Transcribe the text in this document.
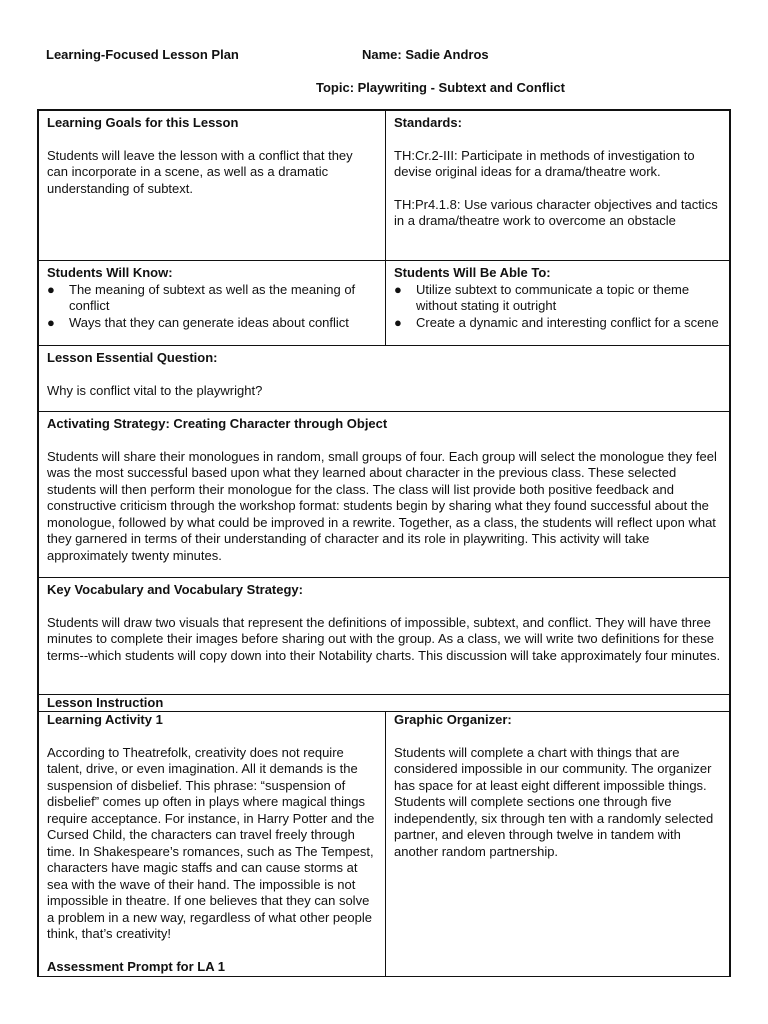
Learning-Focused Lesson Plan	Name: Sadie Andros
Topic: Playwriting - Subtext and Conflict
Learning Goals for this Lesson

Students will leave the lesson with a conflict that they can incorporate in a scene, as well as a dramatic understanding of subtext.

Standards:

TH:Cr.2-III: Participate in methods of investigation to devise original ideas for a drama/theatre work.

TH:Pr4.1.8: Use various character objectives and tactics in a drama/theatre work to overcome an obstacle

Students Will Know:
● The meaning of subtext as well as the meaning of conflict
● Ways that they can generate ideas about conflict
Students Will Be Able To:
● Utilize subtext to communicate a topic or theme without stating it outright
● Create a dynamic and interesting conflict for a scene
Lesson Essential Question:

Why is conflict vital to the playwright?

Activating Strategy: Creating Character through Object

Students will share their monologues in random, small groups of four. Each group will select the monologue they feel was the most successful based upon what they learned about character in the previous class. These selected students will then perform their monologue for the class. The class will list provide both positive feedback and constructive criticism through the workshop format: students begin by sharing what they found successful about the monologue, followed by what could be improved in a rewrite. Together, as a class, the students will reflect upon what they garnered in terms of their understanding of character and its role in playwriting. This activity will take approximately twenty minutes.

Key Vocabulary and Vocabulary Strategy:

Students will draw two visuals that represent the definitions of impossible, subtext, and conflict. They will have three minutes to complete their images before sharing out with the group. As a class, we will write two definitions for these terms--which students will copy down into their Notability charts. This discussion will take approximately four minutes.

Lesson Instruction
Learning Activity 1

According to Theatrefolk, creativity does not require talent, drive, or even imagination. All it demands is the suspension of disbelief. This phrase: “suspension of disbelief” comes up often in plays where magical things require acceptance. For instance, in Harry Potter and the Cursed Child, the characters can travel freely through time. In Shakespeare’s romances, such as The Tempest, characters have magic staffs and can cause storms at sea with the wave of their hand. The impossible is not impossible in theatre. If one believes that they can solve a problem in a new way, regardless of what other people think, that’s creativity!

Assessment Prompt for LA 1
Graphic Organizer:

Students will complete a chart with things that are considered impossible in our community. The organizer has space for at least eight different impossible things. Students will complete sections one through five independently, six through ten with a randomly selected partner, and eleven through twelve in tandem with another random partnership.
